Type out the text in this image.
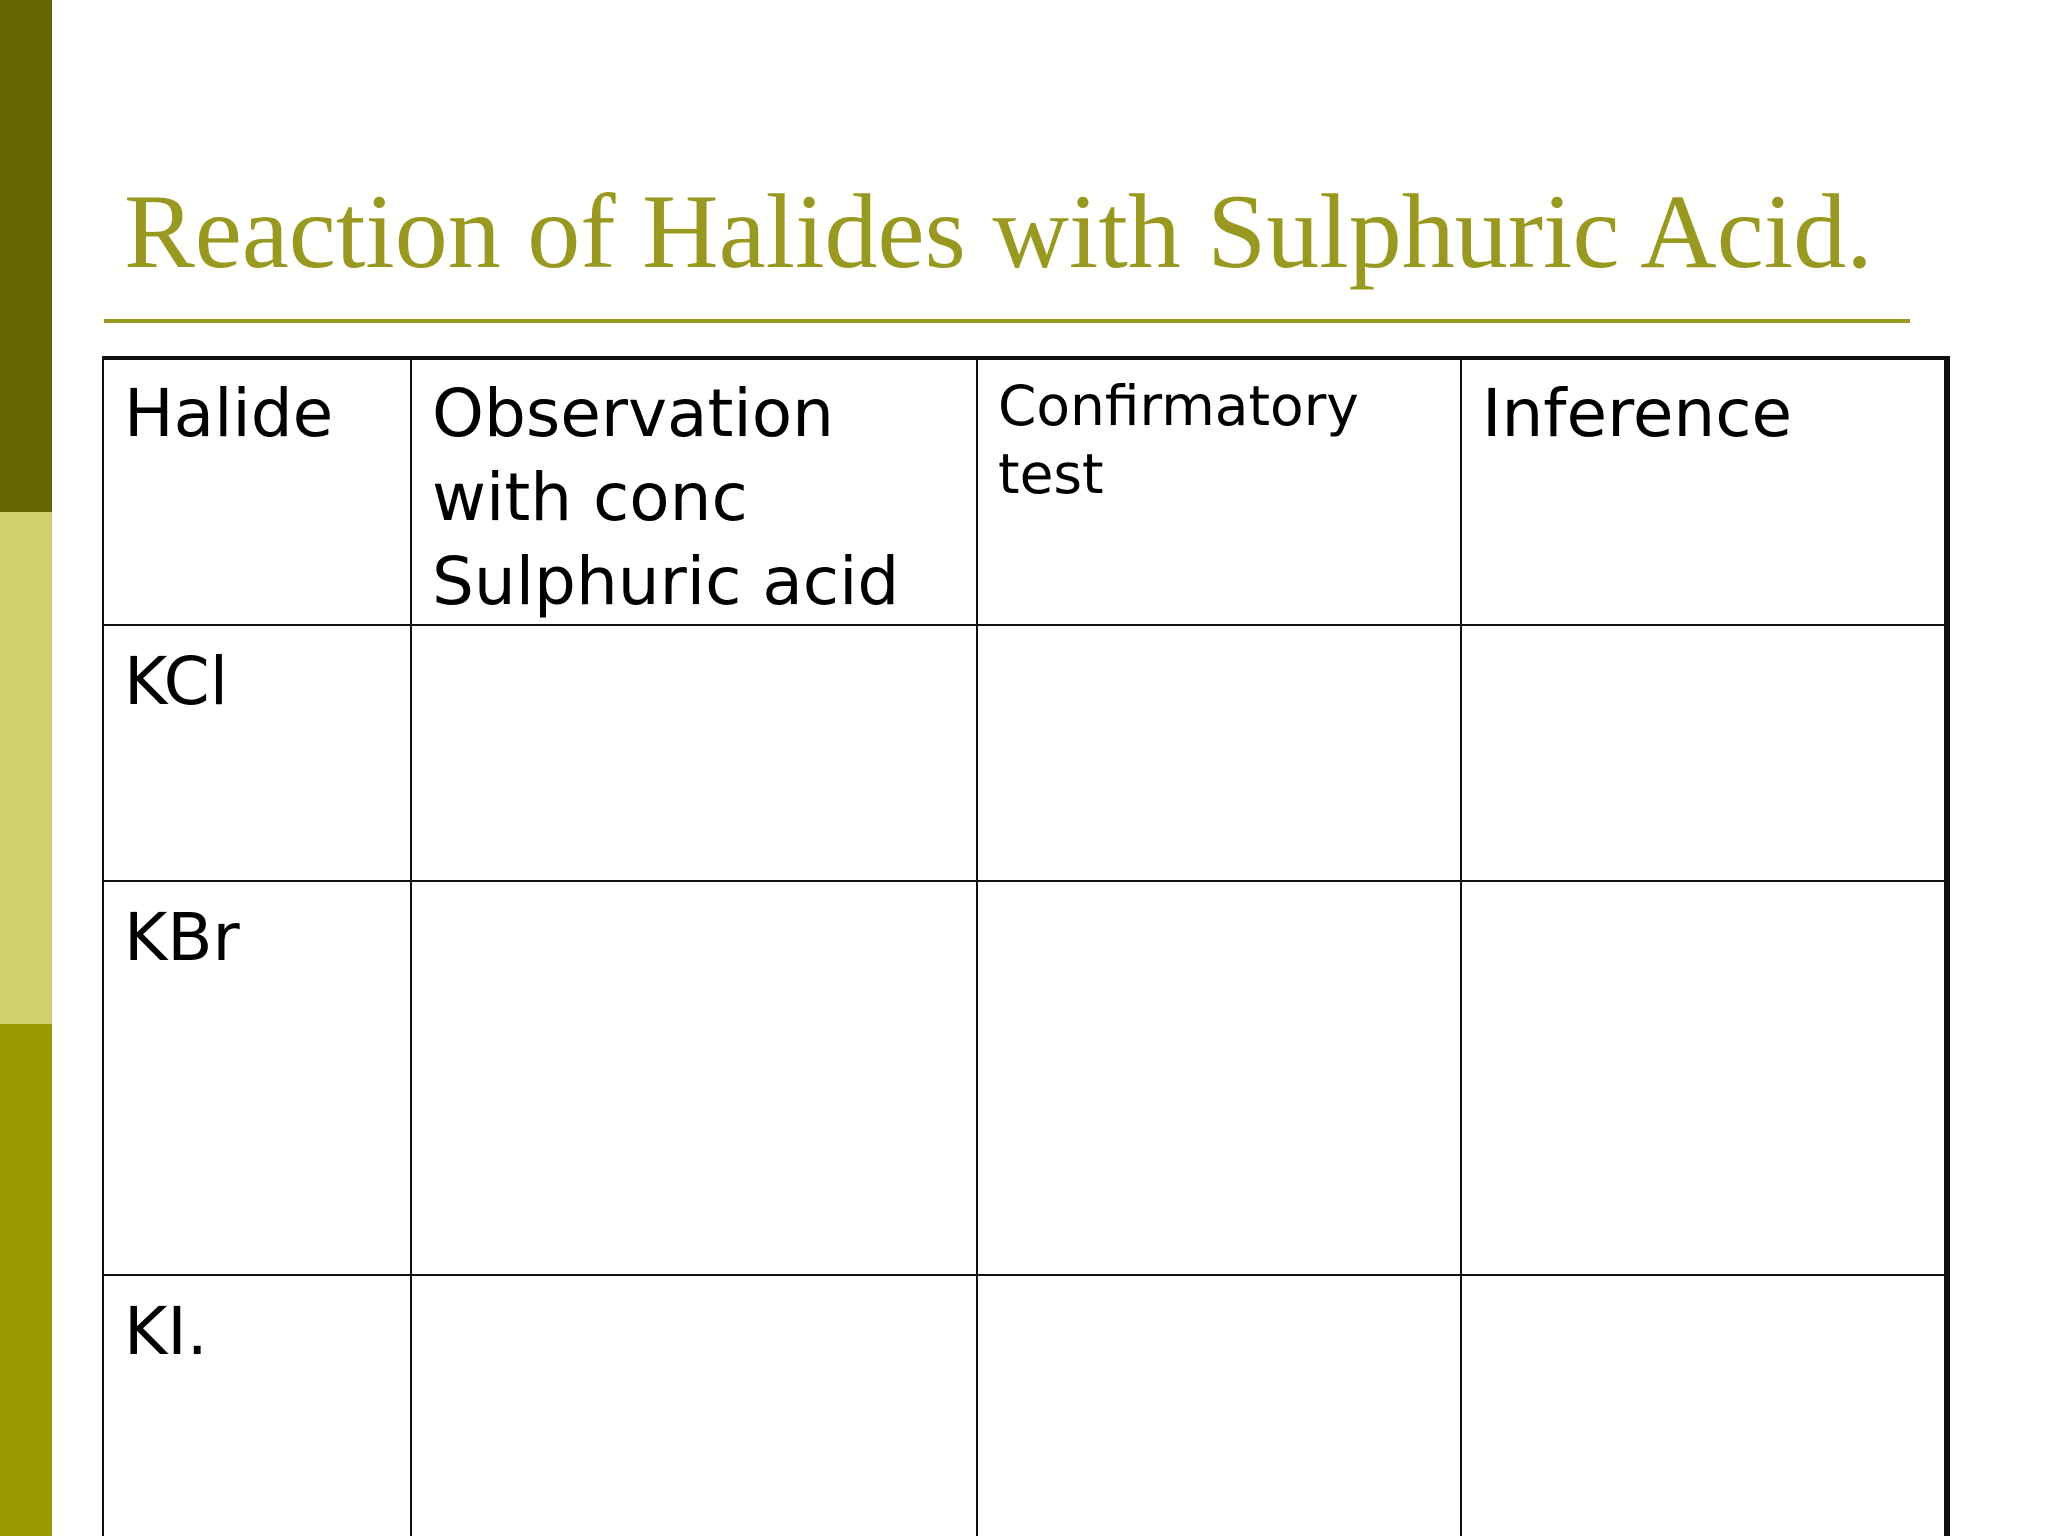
Reaction of Halides with Sulphuric Acid.
Halide	Observation with conc Sulphuric acid	Confirmatory test	Inference

KCl			

KBr			

KI.			
